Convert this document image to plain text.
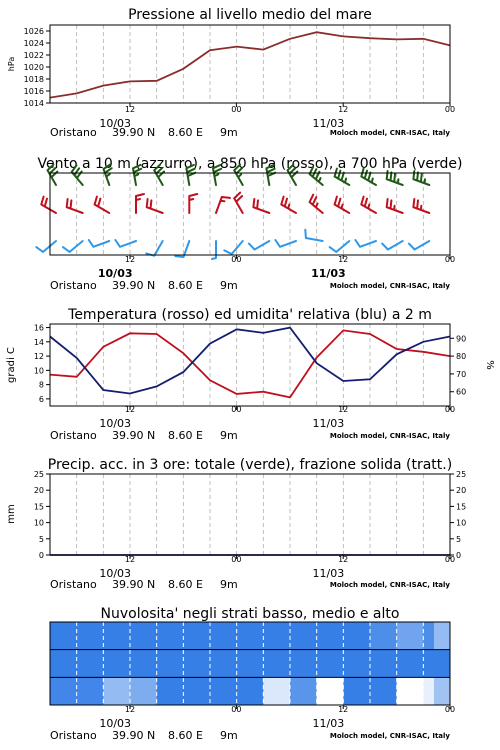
Pressione al livello medio del mare
hPa
1014
1016
1018
1020
1022
1024
1026
12	00	12	00
10/03	11/03
Oristano 39.90 N 8.60 E 9m	Moloch model, CNR-ISAC, Italy
Vento a 10 m (azzurro), a 850 hPa (rosso), a 700 hPa (verde)
12	00	12	00
10/03	11/03
Oristano 39.90 N 8.60 E 9m	Moloch model, CNR-ISAC, Italy
Temperatura (rosso) ed umidita' relativa (blu) a 2 m
gradi C	%
6
8
10
12
14
16
60
70
80
90
12	00	12	00
10/03	11/03
Oristano 39.90 N 8.60 E 9m	Moloch model, CNR-ISAC, Italy
Precip. acc. in 3 ore: totale (verde), frazione solida (tratt.)
mm
0
5
10
15
20
25
0
5
10
15
20
25
12	00	12	00
10/03	11/03
Oristano 39.90 N 8.60 E 9m	Moloch model, CNR-ISAC, Italy
Nuvolosita' negli strati basso, medio e alto
12	00	12	00
10/03	11/03
Oristano 39.90 N 8.60 E 9m	Moloch model, CNR-ISAC, Italy
